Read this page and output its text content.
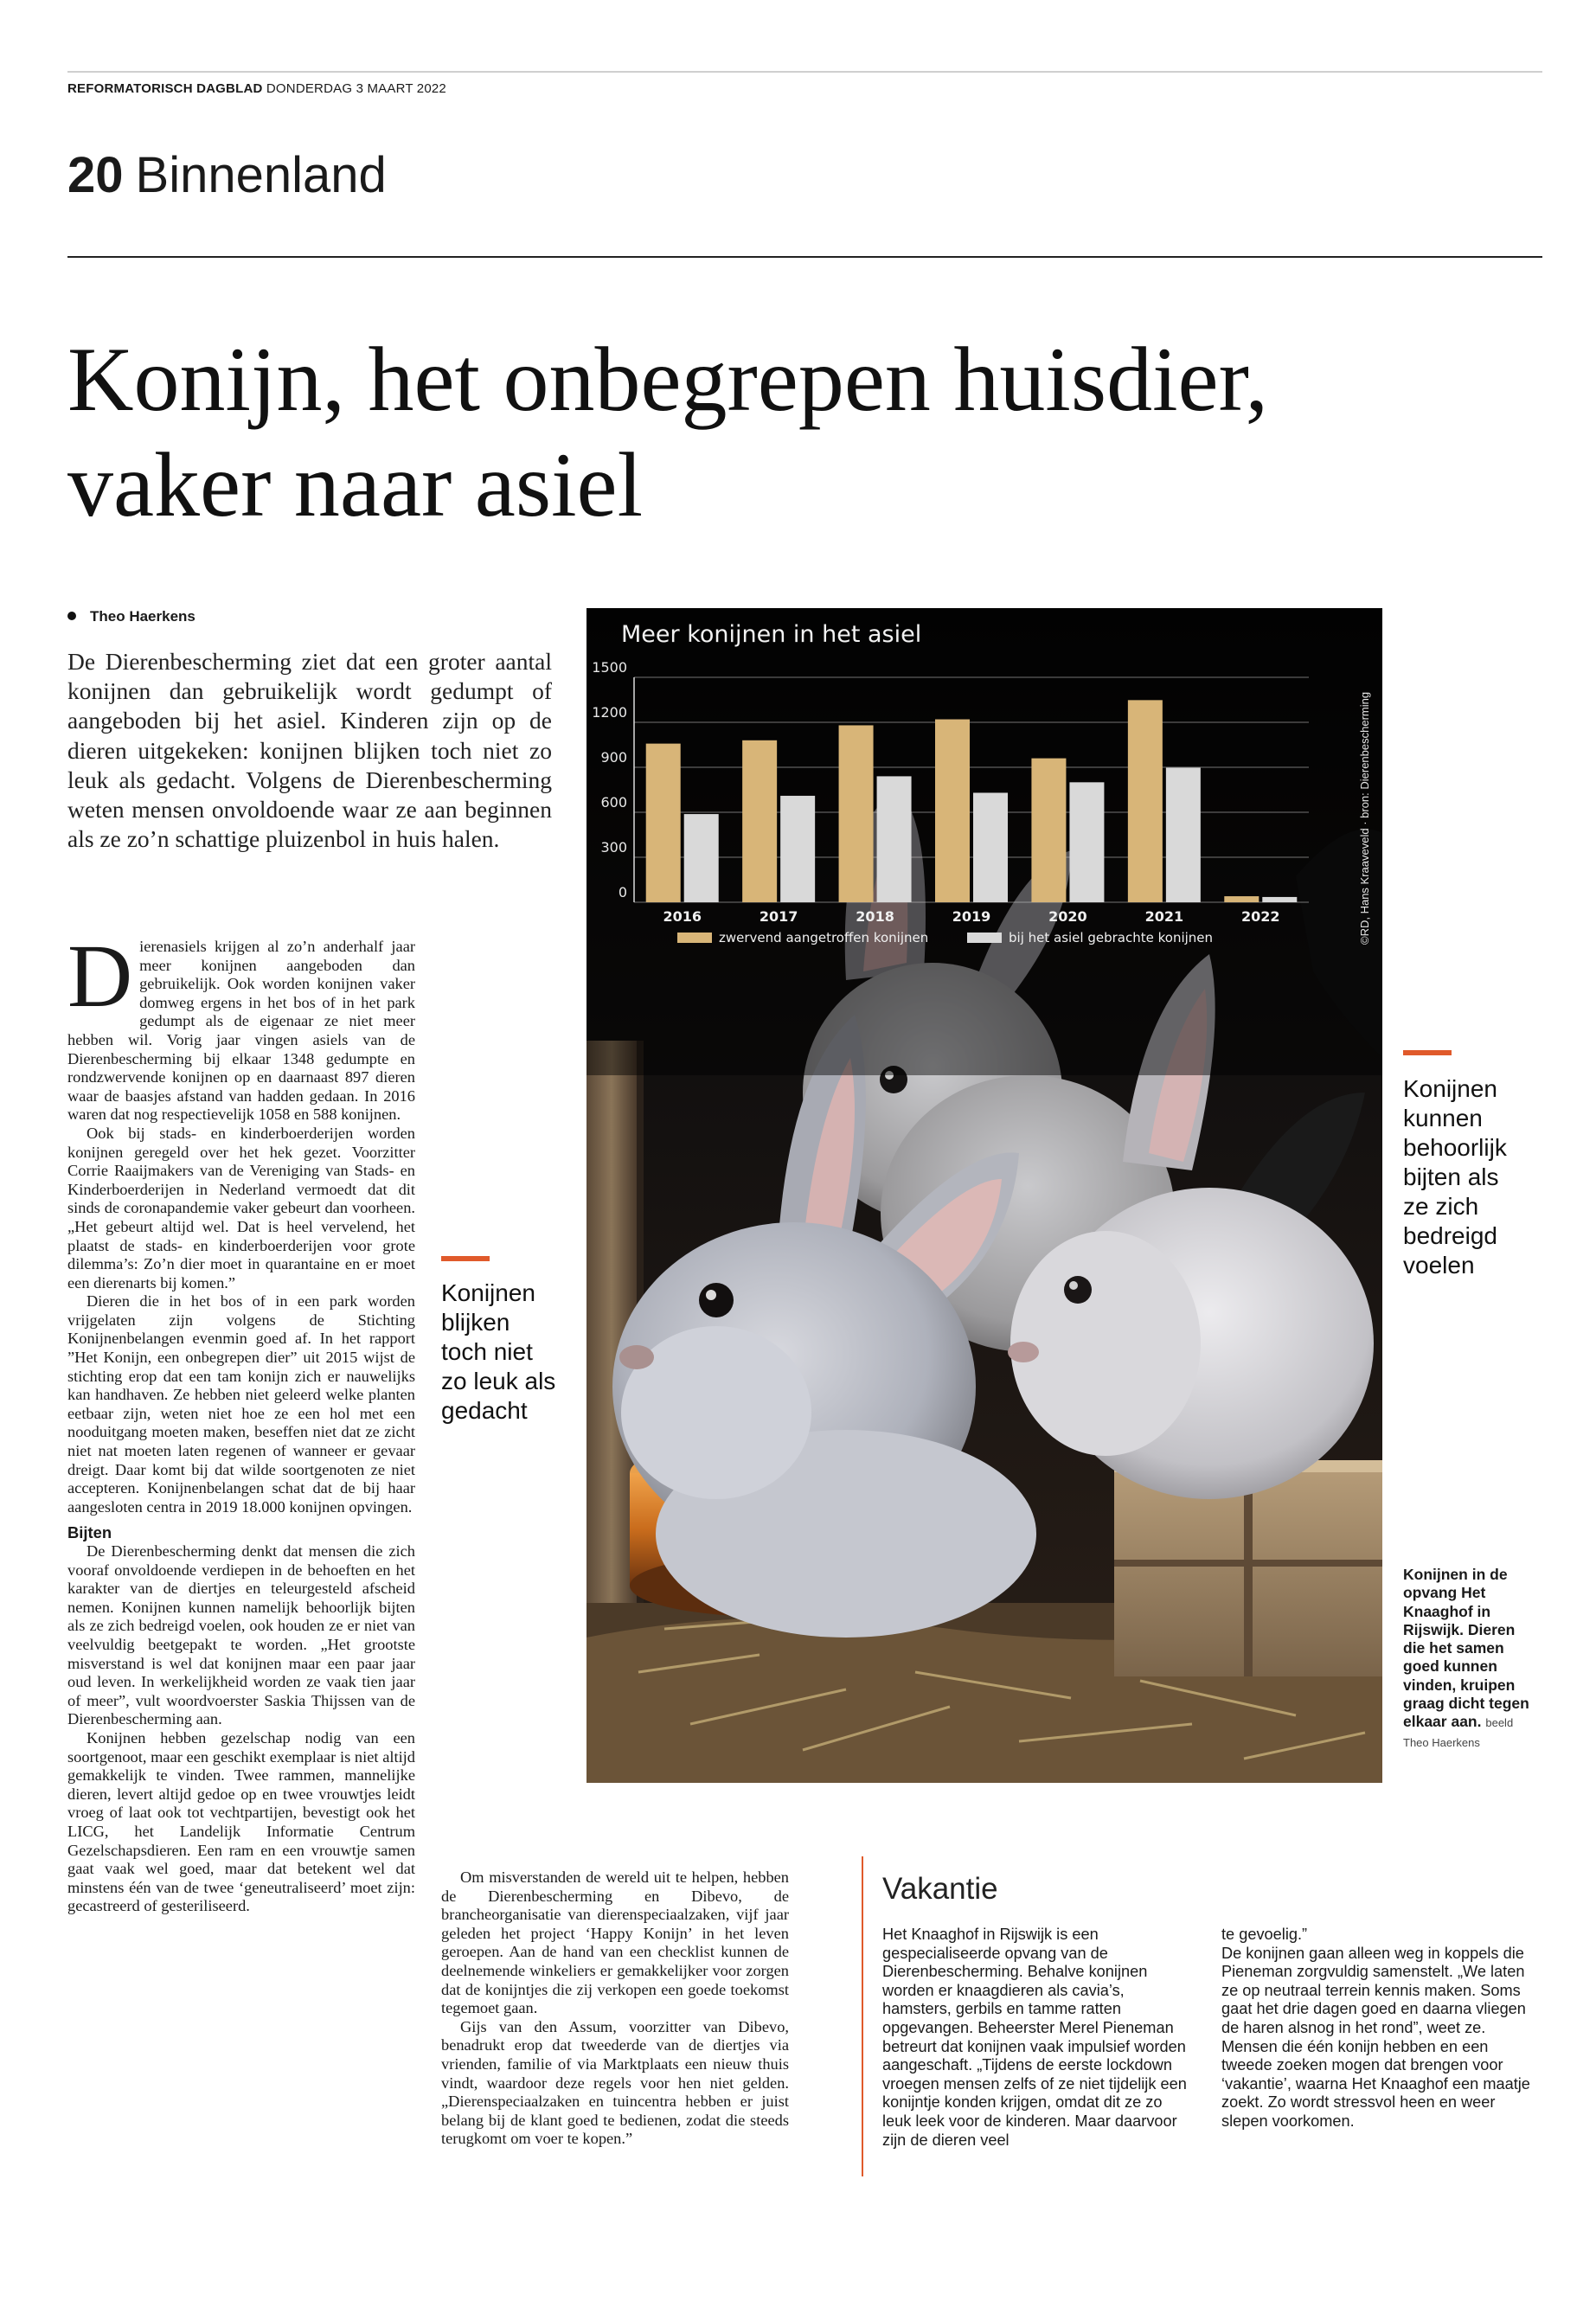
REFORMATORISCH DAGBLAD DONDERDAG 3 MAART 2022
20 Binnenland
Konijn, het onbegrepen huisdier,
vaker naar asiel
Theo Haerkens
De Dierenbescherming ziet dat een groter aantal konijnen dan gebruikelijk wordt gedumpt of aangeboden bij het asiel. Kinderen zijn op de dieren uitgekeken: konijnen blijken toch niet zo leuk als gedacht. Volgens de Dierenbescherming weten mensen onvoldoende waar ze aan beginnen als ze zo’n schattige pluizenbol in huis halen.

Dierenasiels krijgen al zo’n anderhalf jaar meer konijnen aangeboden dan gebruikelijk. Ook worden konijnen vaker domweg ergens in het bos of in het park gedumpt als de eigenaar ze niet meer hebben wil. Vorig jaar vingen asiels van de Dierenbescherming bij elkaar 1348 gedumpte en rondzwervende konijnen op en daarnaast 897 dieren waar de baasjes afstand van hadden gedaan. In 2016 waren dat nog respectievelijk 1058 en 588 konijnen.

Ook bij stads- en kinderboerderijen worden konijnen geregeld over het hek gezet. Voorzitter Corrie Raaijmakers van de Vereniging van Stads- en Kinderboerderijen in Nederland vermoedt dat dit sinds de coronapandemie vaker gebeurt dan voorheen. „Het gebeurt altijd wel. Dat is heel vervelend, het plaatst de stads- en kinderboerderijen voor grote dilemma’s: Zo’n dier moet in quarantaine en er moet een dierenarts bij komen.”

Dieren die in het bos of in een park worden vrijgelaten zijn volgens de Stichting Konijnenbelangen evenmin goed af. In het rapport ”Het Konijn, een onbegrepen dier” uit 2015 wijst de stichting erop dat een tam konijn zich er nauwelijks kan handhaven. Ze hebben niet geleerd welke planten eetbaar zijn, weten niet hoe ze een hol met een nooduitgang moeten maken, beseffen niet dat ze zicht niet nat moeten laten regenen of wanneer er gevaar dreigt. Daar komt bij dat wilde soortgenoten ze niet accepteren. Konijnenbelangen schat dat de bij haar aangesloten centra in 2019 18.000 konijnen opvingen.

Bijten

De Dierenbescherming denkt dat mensen die zich vooraf onvoldoende verdiepen in de behoeften en het karakter van de diertjes en teleurgesteld afscheid nemen. Konijnen kunnen namelijk behoorlijk bijten als ze zich bedreigd voelen, ook houden ze er niet van veelvuldig beetgepakt te worden. „Het grootste misverstand is wel dat konijnen maar een paar jaar oud leven. In werkelijkheid worden ze vaak tien jaar of meer”, vult woordvoerster Saskia Thijssen van de Dierenbescherming aan.

Konijnen hebben gezelschap nodig van een soortgenoot, maar een geschikt exemplaar is niet altijd gemakkelijk te vinden. Twee rammen, mannelijke dieren, levert altijd gedoe op en twee vrouwtjes leidt vroeg of laat ook tot vechtpartijen, bevestigt ook het LICG, het Landelijk Informatie Centrum Gezelschapsdieren. Een ram en een vrouwtje samen gaat vaak wel goed, maar dat betekent wel dat minstens één van de twee ‘geneutraliseerd’ moet zijn: gecastreerd of gesteriliseerd.

Konijnen
blijken
toch niet
zo leuk als
gedacht
0
300
600
900
1200
1500
2016	2017	2018	2019	2020	2021	2022
zwervend aangetroffen konijnen	bij het asiel gebrachte konijnen
Meer konijnen in het asiel
©RD, Hans Kraaveveld · bron: Dierenbescherming
Konijnen
kunnen
behoorlijk
bijten als
ze zich
bedreigd
voelen
Konijnen in de opvang Het Knaaghof in Rijswijk. Dieren die het samen goed kunnen vinden, kruipen graag dicht tegen elkaar aan. beeld Theo Haerkens

Om misverstanden de wereld uit te helpen, hebben de Dierenbescherming en Dibevo, de brancheorganisatie van dierenspeciaalzaken, vijf jaar geleden het project ‘Happy Konijn’ in het leven geroepen. Aan de hand van een checklist kunnen de deelnemende winkeliers er gemakkelijker voor zorgen dat de konijntjes die zij verkopen een goede toekomst tegemoet gaan.

Gijs van den Assum, voorzitter van Dibevo, benadrukt erop dat tweederde van de diertjes via vrienden, familie of via Marktplaats een nieuw thuis vindt, waardoor deze regels voor hen niet gelden. „Dierenspeciaalzaken en tuincentra hebben er juist belang bij de klant goed te bedienen, zodat die steeds terugkomt om voer te kopen.”

Vakantie

Het Knaaghof in Rijswijk is een gespecialiseerde opvang van de Dierenbescherming. Behalve konijnen worden er knaagdieren als cavia’s, hamsters, gerbils en tamme ratten opgevangen. Beheerster Merel Pieneman betreurt dat konijnen vaak impulsief worden aangeschaft. „Tijdens de eerste lockdown vroegen mensen zelfs of ze niet tijdelijk een konijntje konden krijgen, omdat dit ze zo leuk leek voor de kinderen. Maar daarvoor zijn de dieren veel

te gevoelig.”

De konijnen gaan alleen weg in koppels die Pieneman zorgvuldig samenstelt. „We laten ze op neutraal terrein kennis maken. Soms gaat het drie dagen goed en daarna vliegen de haren alsnog in het rond”, weet ze. Mensen die één konijn hebben en een tweede zoeken mogen dat brengen voor ‘vakantie’, waarna Het Knaaghof een maatje zoekt. Zo wordt stressvol heen en weer slepen voorkomen.
